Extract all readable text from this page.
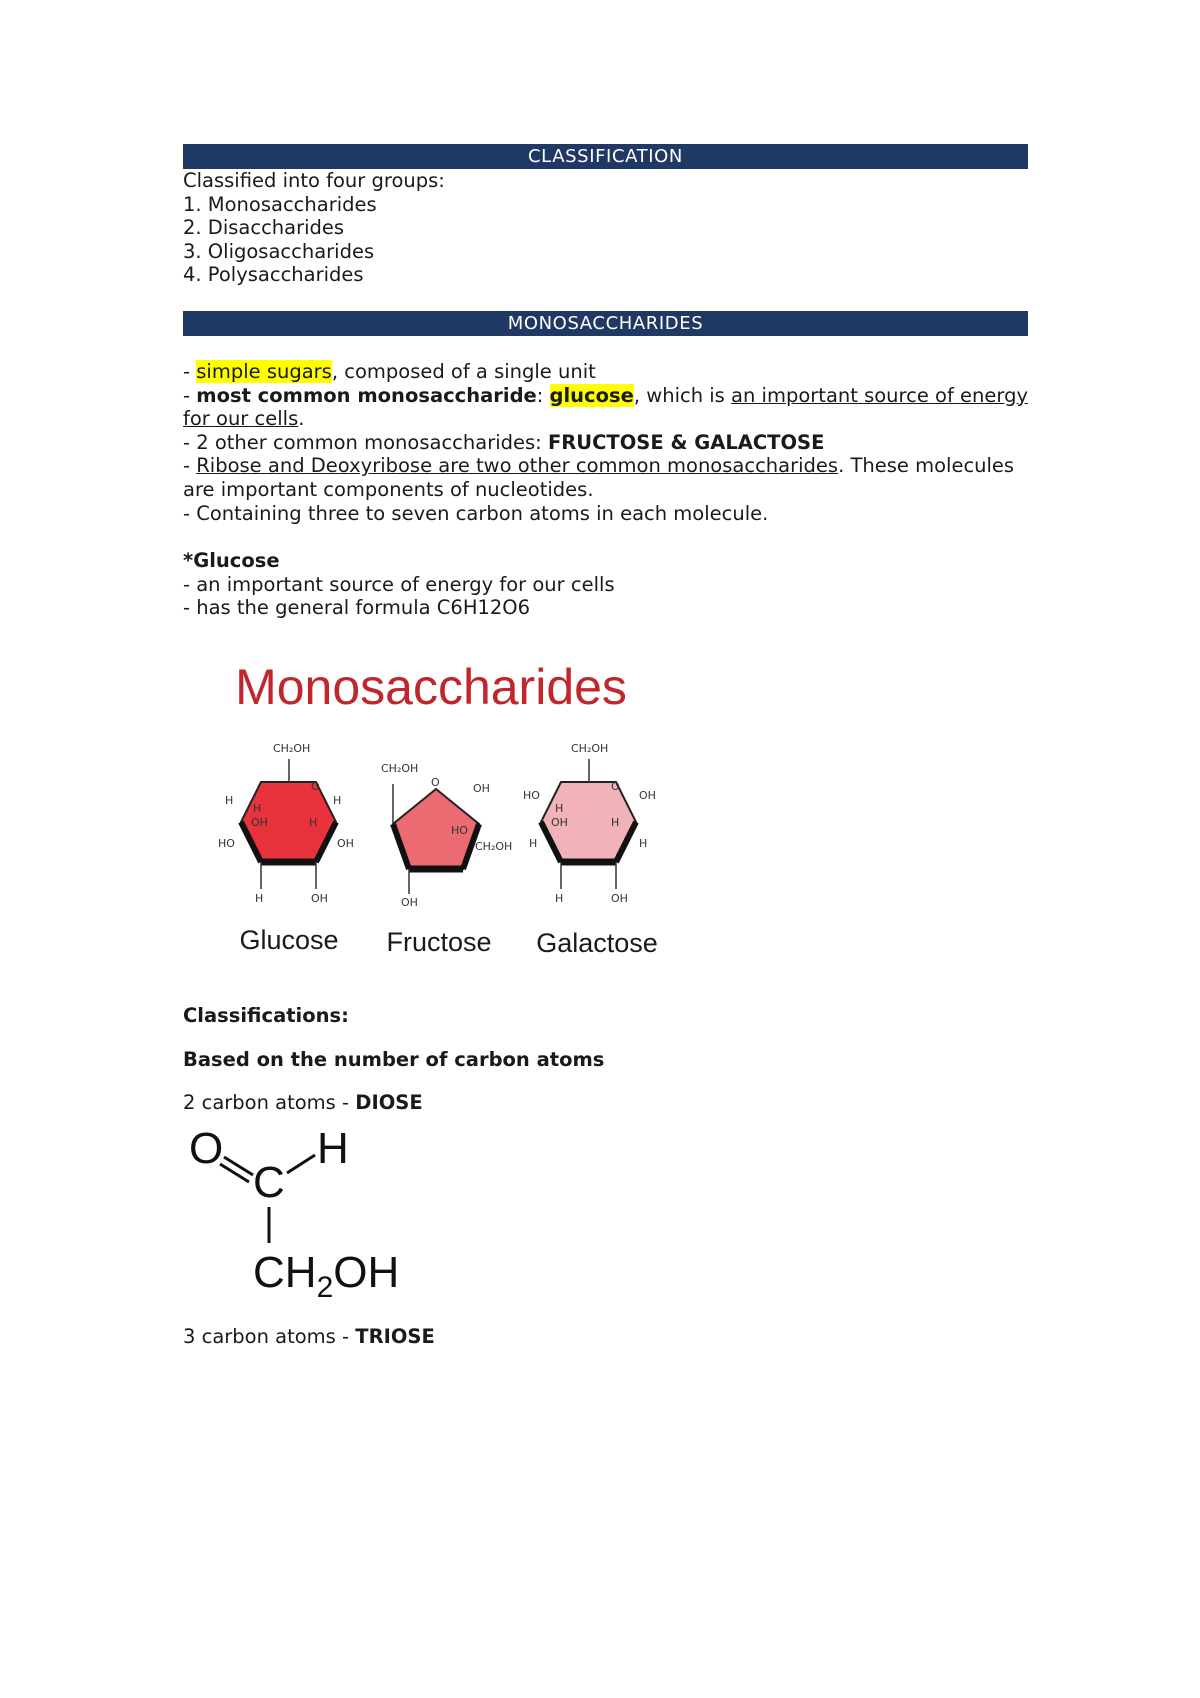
CLASSIFICATION
Classified into four groups:
1. Monosaccharides
2. Disaccharides
3. Oligosaccharides
4. Polysaccharides
MONOSACCHARIDES
- simple sugars, composed of a single unit
- most common monosaccharide: glucose, which is an important source of energy for our cells.
- 2 other common monosaccharides: FRUCTOSE & GALACTOSE
- Ribose and Deoxyribose are two other common monosaccharides. These molecules are important components of nucleotides.
- Containing three to seven carbon atoms in each molecule.
*Glucose
- an important source of energy for our cells
- has the general formula C6H12O6
Monosaccharides
CH₂OH
O
H	H
H
OH	H
HO	OH
H	OH
Glucose
CH₂OH
O	OH
HO
CH₂OH
OH
Fructose
CH₂OH
O
HO	OH
H
OH	H
H	H
H	OH
Galactose
Classifications:
Based on the number of carbon atoms
2 carbon atoms - DIOSE
O
C
H
$CH_2OH$
3 carbon atoms - TRIOSE
